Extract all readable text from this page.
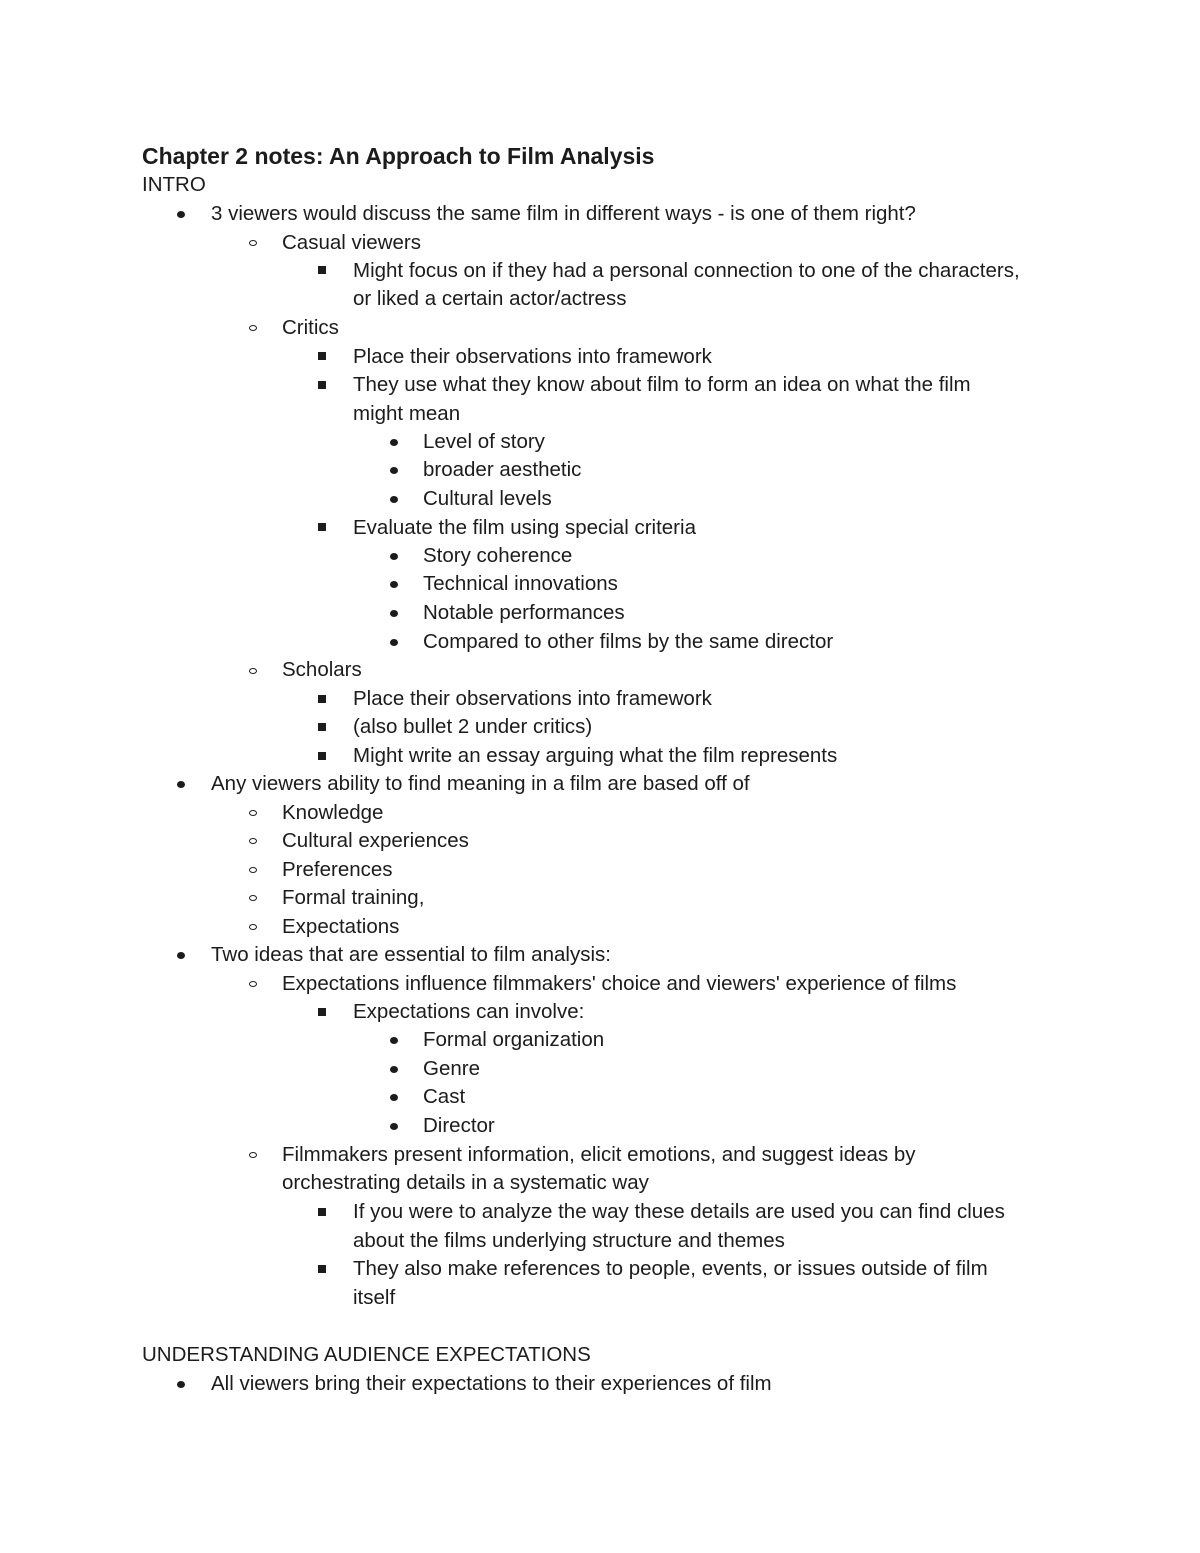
Chapter 2 notes: An Approach to Film Analysis
INTRO
3 viewers would discuss the same film in different ways - is one of them right?
Casual viewers
Might focus on if they had a personal connection to one of the characters,
or liked a certain actor/actress
Critics
Place their observations into framework
They use what they know about film to form an idea on what the film
might mean
Level of story
broader aesthetic
Cultural levels
Evaluate the film using special criteria
Story coherence
Technical innovations
Notable performances
Compared to other films by the same director
Scholars
Place their observations into framework
(also bullet 2 under critics)
Might write an essay arguing what the film represents
Any viewers ability to find meaning in a film are based off of
Knowledge
Cultural experiences
Preferences
Formal training,
Expectations
Two ideas that are essential to film analysis:
Expectations influence filmmakers' choice and viewers' experience of films
Expectations can involve:
Formal organization
Genre
Cast
Director
Filmmakers present information, elicit emotions, and suggest ideas by
orchestrating details in a systematic way
If you were to analyze the way these details are used you can find clues
about the films underlying structure and themes
They also make references to people, events, or issues outside of film
itself
UNDERSTANDING AUDIENCE EXPECTATIONS
All viewers bring their expectations to their experiences of film
